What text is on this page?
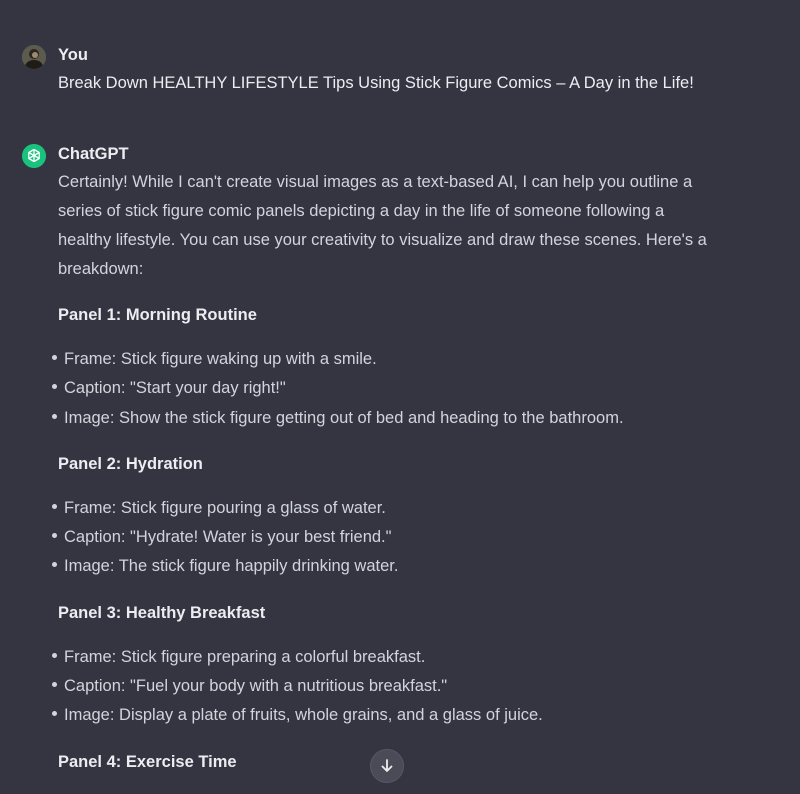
You
Break Down HEALTHY LIFESTYLE Tips Using Stick Figure Comics – A Day in the Life!
ChatGPT
Certainly! While I can't create visual images as a text-based AI, I can help you outline a series of stick figure comic panels depicting a day in the life of someone following a healthy lifestyle. You can use your creativity to visualize and draw these scenes. Here's a breakdown:
Panel 1: Morning Routine
Frame: Stick figure waking up with a smile.
Caption: "Start your day right!"
Image: Show the stick figure getting out of bed and heading to the bathroom.
Panel 2: Hydration
Frame: Stick figure pouring a glass of water.
Caption: "Hydrate! Water is your best friend."
Image: The stick figure happily drinking water.
Panel 3: Healthy Breakfast
Frame: Stick figure preparing a colorful breakfast.
Caption: "Fuel your body with a nutritious breakfast."
Image: Display a plate of fruits, whole grains, and a glass of juice.
Panel 4: Exercise Time
